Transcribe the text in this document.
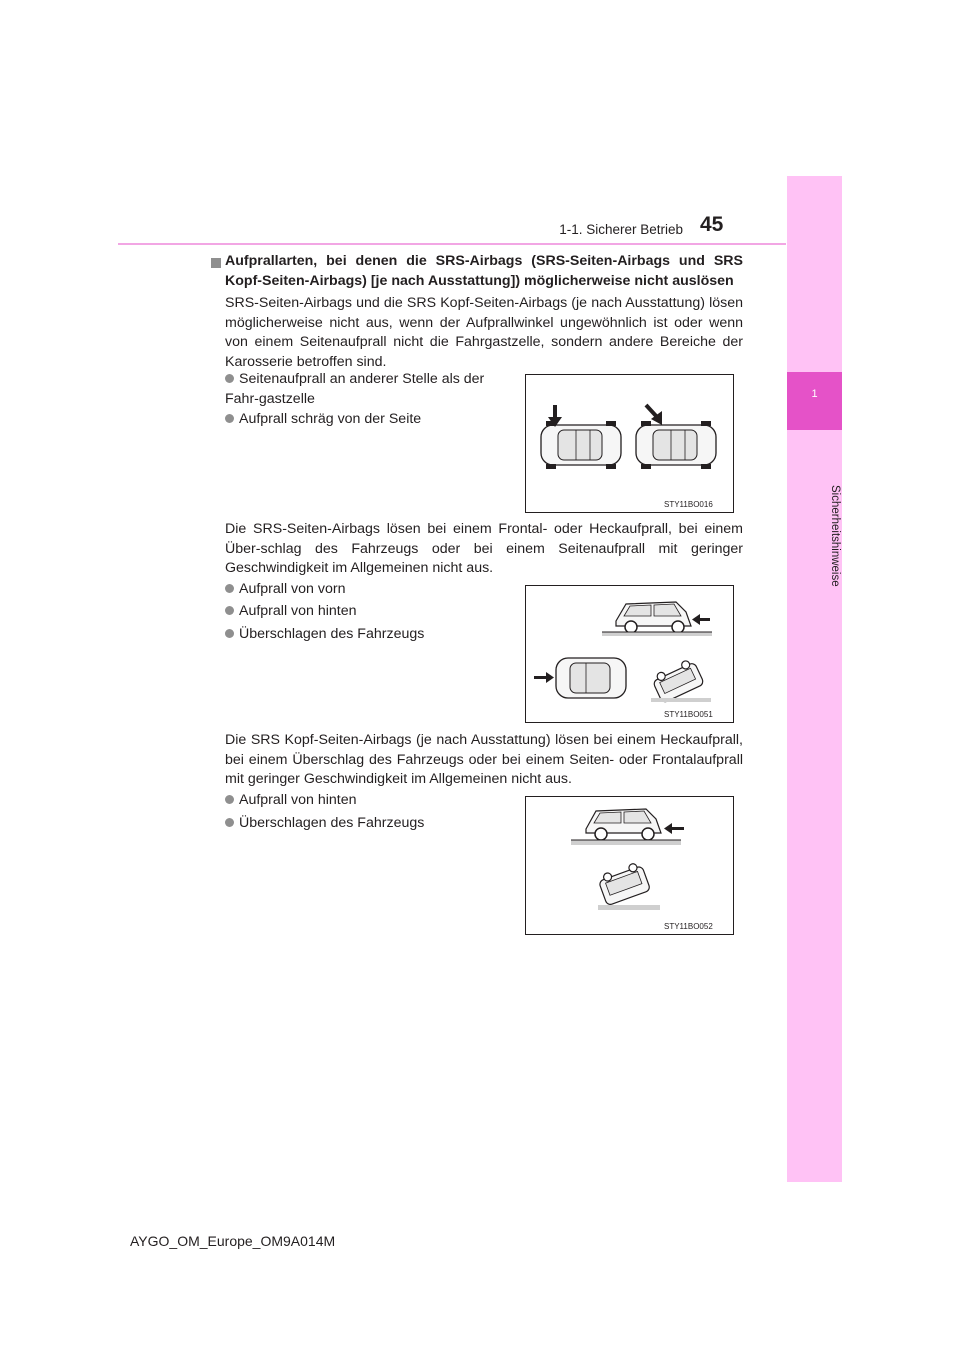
1-1. Sicherer Betrieb 45
1
Sicherheitshinweise

Aufprallarten, bei denen die SRS-Airbags (SRS-Seiten-Airbags und SRS Kopf-Seiten-Airbags) [je nach Ausstattung]) möglicherweise nicht auslösen

SRS-Seiten-Airbags und die SRS Kopf-Seiten-Airbags (je nach Ausstattung) lösen möglicherweise nicht aus, wenn der Aufprallwinkel ungewöhnlich ist oder wenn von einem Seitenaufprall nicht die Fahrgastzelle, sondern andere Bereiche der Karosserie betroffen sind.

Seitenaufprall an anderer Stelle als der Fahr-gastzelle
Aufprall schräg von der Seite
STY11BO016

Die SRS-Seiten-Airbags lösen bei einem Frontal- oder Heckaufprall, bei einem Über-schlag des Fahrzeugs oder bei einem Seitenaufprall mit geringer Geschwindigkeit im Allgemeinen nicht aus.

Aufprall von vorn
Aufprall von hinten
Überschlagen des Fahrzeugs
STY11BO051

Die SRS Kopf-Seiten-Airbags (je nach Ausstattung) lösen bei einem Heckaufprall, bei einem Überschlag des Fahrzeugs oder bei einem Seiten- oder Frontalaufprall mit geringer Geschwindigkeit im Allgemeinen nicht aus.

Aufprall von hinten
Überschlagen des Fahrzeugs
STY11BO052
AYGO_OM_Europe_OM9A014M
